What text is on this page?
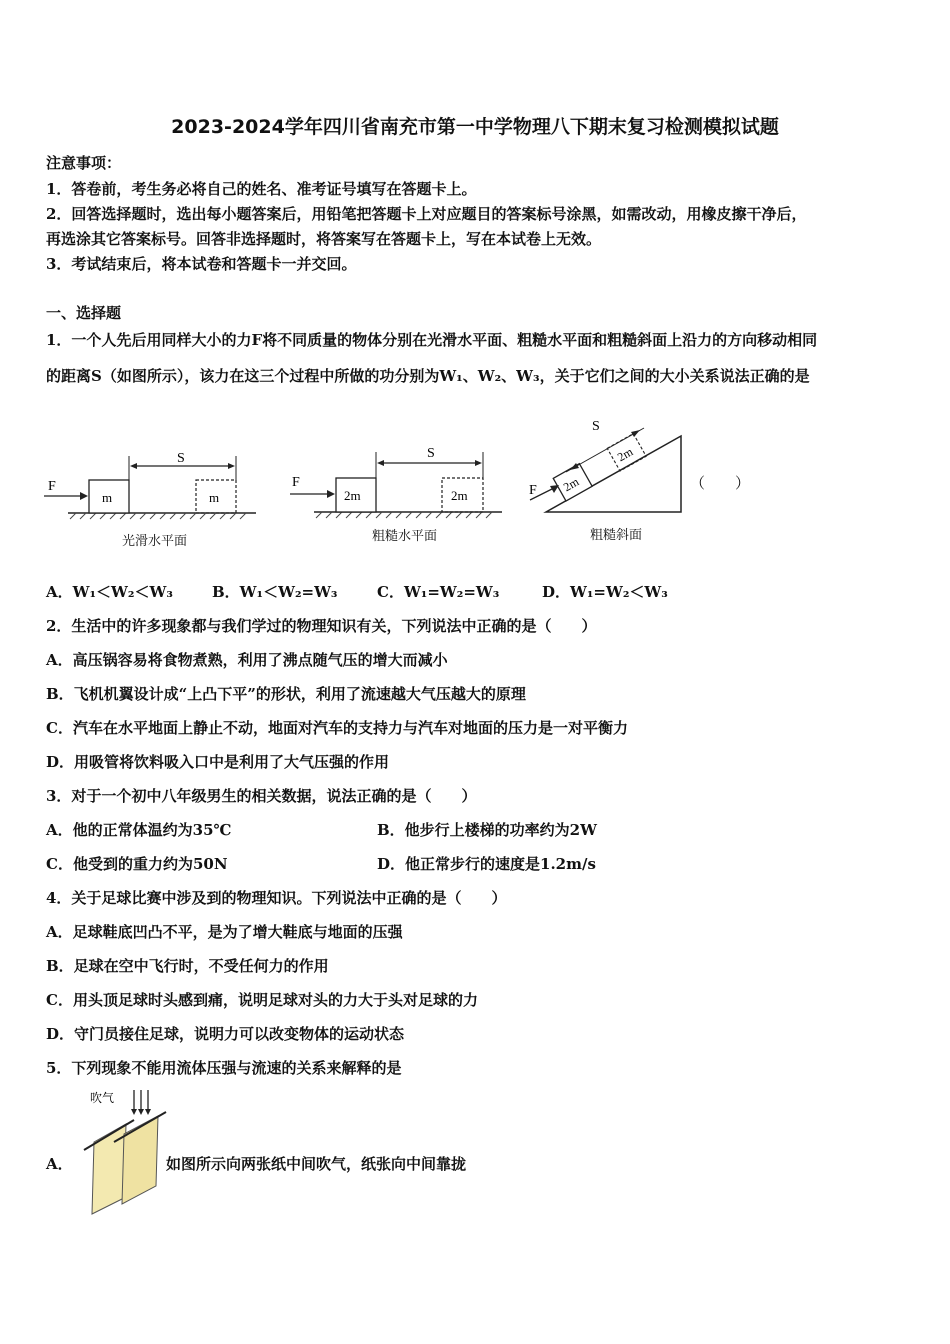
2023-2024学年四川省南充市第一中学物理八下期末复习检测模拟试题
注意事项：
1．答卷前，考生务必将自己的姓名、准考证号填写在答题卡上。
2．回答选择题时，选出每小题答案后，用铅笔把答题卡上对应题目的答案标号涂黑，如需改动，用橡皮擦干净后，
再选涂其它答案标号。回答非选择题时，将答案写在答题卡上，写在本试卷上无效。
3．考试结束后，将本试卷和答题卡一并交回。
一、选择题
1．一个人先后用同样大小的力F将不同质量的物体分别在光滑水平面、粗糙水平面和粗糙斜面上沿力的方向移动相同
的距离S（如图所示），该力在这三个过程中所做的功分别为W₁、W₂、W₃，关于它们之间的大小关系说法正确的是
F
S
m	m
光滑水平面
F
S
2m	2m
粗糙水平面
2m
2m
F
S
粗糙斜面
（　　）
A．W₁＜W₂＜W₃	B．W₁＜W₂=W₃	C．W₁=W₂=W₃	D．W₁=W₂＜W₃
2．生活中的许多现象都与我们学过的物理知识有关，下列说法中正确的是（　　）
A．高压锅容易将食物煮熟，利用了沸点随气压的增大而减小
B．飞机机翼设计成“上凸下平”的形状，利用了流速越大气压越大的原理
C．汽车在水平地面上静止不动，地面对汽车的支持力与汽车对地面的压力是一对平衡力
D．用吸管将饮料吸入口中是利用了大气压强的作用
3．对于一个初中八年级男生的相关数据，说法正确的是（　　）
A．他的正常体温约为35℃	B．他步行上楼梯的功率约为2W
C．他受到的重力约为50N	D．他正常步行的速度是1.2m/s
4．关于足球比赛中涉及到的物理知识。下列说法中正确的是（　　）
A．足球鞋底凹凸不平，是为了增大鞋底与地面的压强
B．足球在空中飞行时，不受任何力的作用
C．用头顶足球时头感到痛，说明足球对头的力大于头对足球的力
D．守门员接住足球，说明力可以改变物体的运动状态
5．下列现象不能用流体压强与流速的关系来解释的是
吹气
A．	如图所示向两张纸中间吹气，纸张向中间靠拢
